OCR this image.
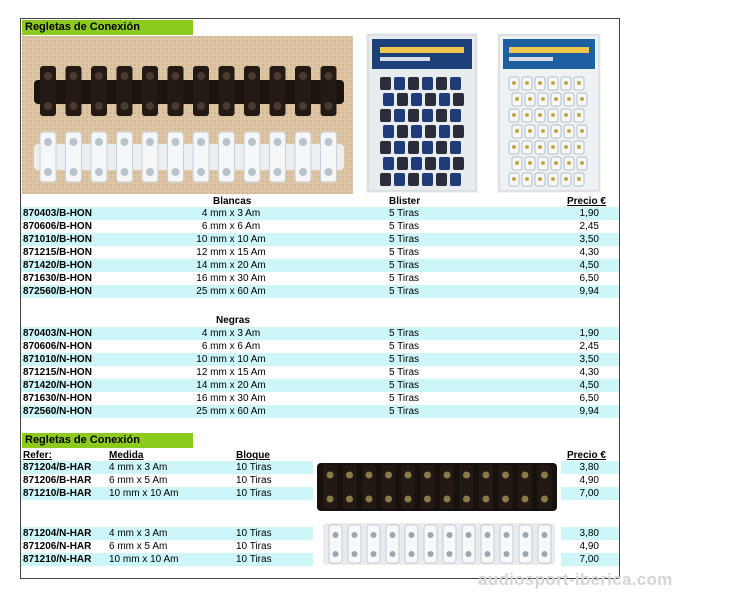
Regletas de Conexión
Blancas	Blister	Precio €
870403/B-HON	4 mm x 3 Am	5 Tiras	1,90
870606/B-HON	6 mm x 6 Am	5 Tiras	2,45
871010/B-HON	10 mm x 10 Am	5 Tiras	3,50
871215/B-HON	12 mm x 15 Am	5 Tiras	4,30
871420/B-HON	14 mm x 20 Am	5 Tiras	4,50
871630/B-HON	16 mm x 30 Am	5 Tiras	6,50
872560/B-HON	25 mm x 60 Am	5 Tiras	9,94
Negras
870403/N-HON	4 mm x 3 Am	5 Tiras	1,90
870606/N-HON	6 mm x 6 Am	5 Tiras	2,45
871010/N-HON	10 mm x 10 Am	5 Tiras	3,50
871215/N-HON	12 mm x 15 Am	5 Tiras	4,30
871420/N-HON	14 mm x 20 Am	5 Tiras	4,50
871630/N-HON	16 mm x 30 Am	5 Tiras	6,50
872560/N-HON	25 mm x 60 Am	5 Tiras	9,94
Regletas de Conexión
Refer:	Medida	Bloque	Precio €
871204/B-HAR 4 mm x 3 Am	10 Tiras	3,80
871206/B-HAR 6 mm x 5 Am	10 Tiras	4,90
871210/B-HAR 10 mm x 10 Am	10 Tiras	7,00
871204/N-HAR 4 mm x 3 Am	10 Tiras	3,80
871206/N-HAR 6 mm x 5 Am	10 Tiras	4,90
871210/N-HAR 10 mm x 10 Am	10 Tiras	7,00
audiosport-iberica.com
